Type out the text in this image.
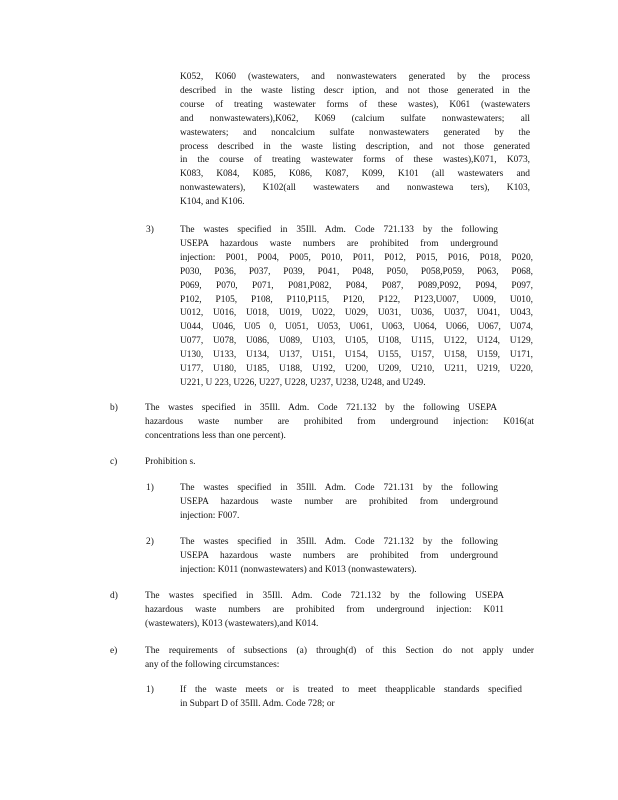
K052, K060 (wastewaters, and nonwastewaters generated by the process
described in the waste listing descr iption, and not those generated in the
course of treating wastewater forms of these wastes), K061 (wastewaters
and nonwastewaters),K062, K069 (calcium sulfate nonwastewaters; all
wastewaters; and noncalcium sulfate nonwastewaters generated by the
process described in the waste listing description, and not those generated
in the course of treating wastewater forms of these wastes),K071, K073,
K083, K084, K085, K086, K087, K099, K101 (all wastewaters and
nonwastewaters), K102(all wastewaters and nonwastewa ters), K103,
K104, and K106.
3)	The wastes specified in 35Ill. Adm. Code 721.133 by the following
USEPA hazardous waste numbers are prohibited from underground
injection: P001, P004, P005, P010, P011, P012, P015, P016, P018, P020,
P030, P036, P037, P039, P041, P048, P050, P058,P059, P063, P068,
P069, P070, P071, P081,P082, P084, P087, P089,P092, P094, P097,
P102, P105, P108, P110,P115, P120, P122, P123,U007, U009, U010,
U012, U016, U018, U019, U022, U029, U031, U036, U037, U041, U043,
U044, U046, U05 0, U051, U053, U061, U063, U064, U066, U067, U074,
U077, U078, U086, U089, U103, U105, U108, U115, U122, U124, U129,
U130, U133, U134, U137, U151, U154, U155, U157, U158, U159, U171,
U177, U180, U185, U188, U192, U200, U209, U210, U211, U219, U220,
U221, U 223, U226, U227, U228, U237, U238, U248, and U249.
b)	The wastes specified in 35Ill. Adm. Code 721.132 by the following USEPA
hazardous waste number are prohibited from underground injection: K016(at
concentrations less than one percent).
c)	Prohibition s.
1)	The wastes specified in 35Ill. Adm. Code 721.131 by the following
USEPA hazardous waste number are prohibited from underground
injection: F007.
2)	The wastes specified in 35Ill. Adm. Code 721.132 by the following
USEPA hazardous waste numbers are prohibited from underground
injection: K011 (nonwastewaters) and K013 (nonwastewaters).
d)	The wastes specified in 35Ill. Adm. Code 721.132 by the following USEPA
hazardous waste numbers are prohibited from underground injection: K011
(wastewaters), K013 (wastewaters),and K014.
e)	The requirements of subsections (a) through(d) of this Section do not apply under
any of the following circumstances:
1)	If the waste meets or is treated to meet theapplicable standards specified
in Subpart D of 35Ill. Adm. Code 728; or
